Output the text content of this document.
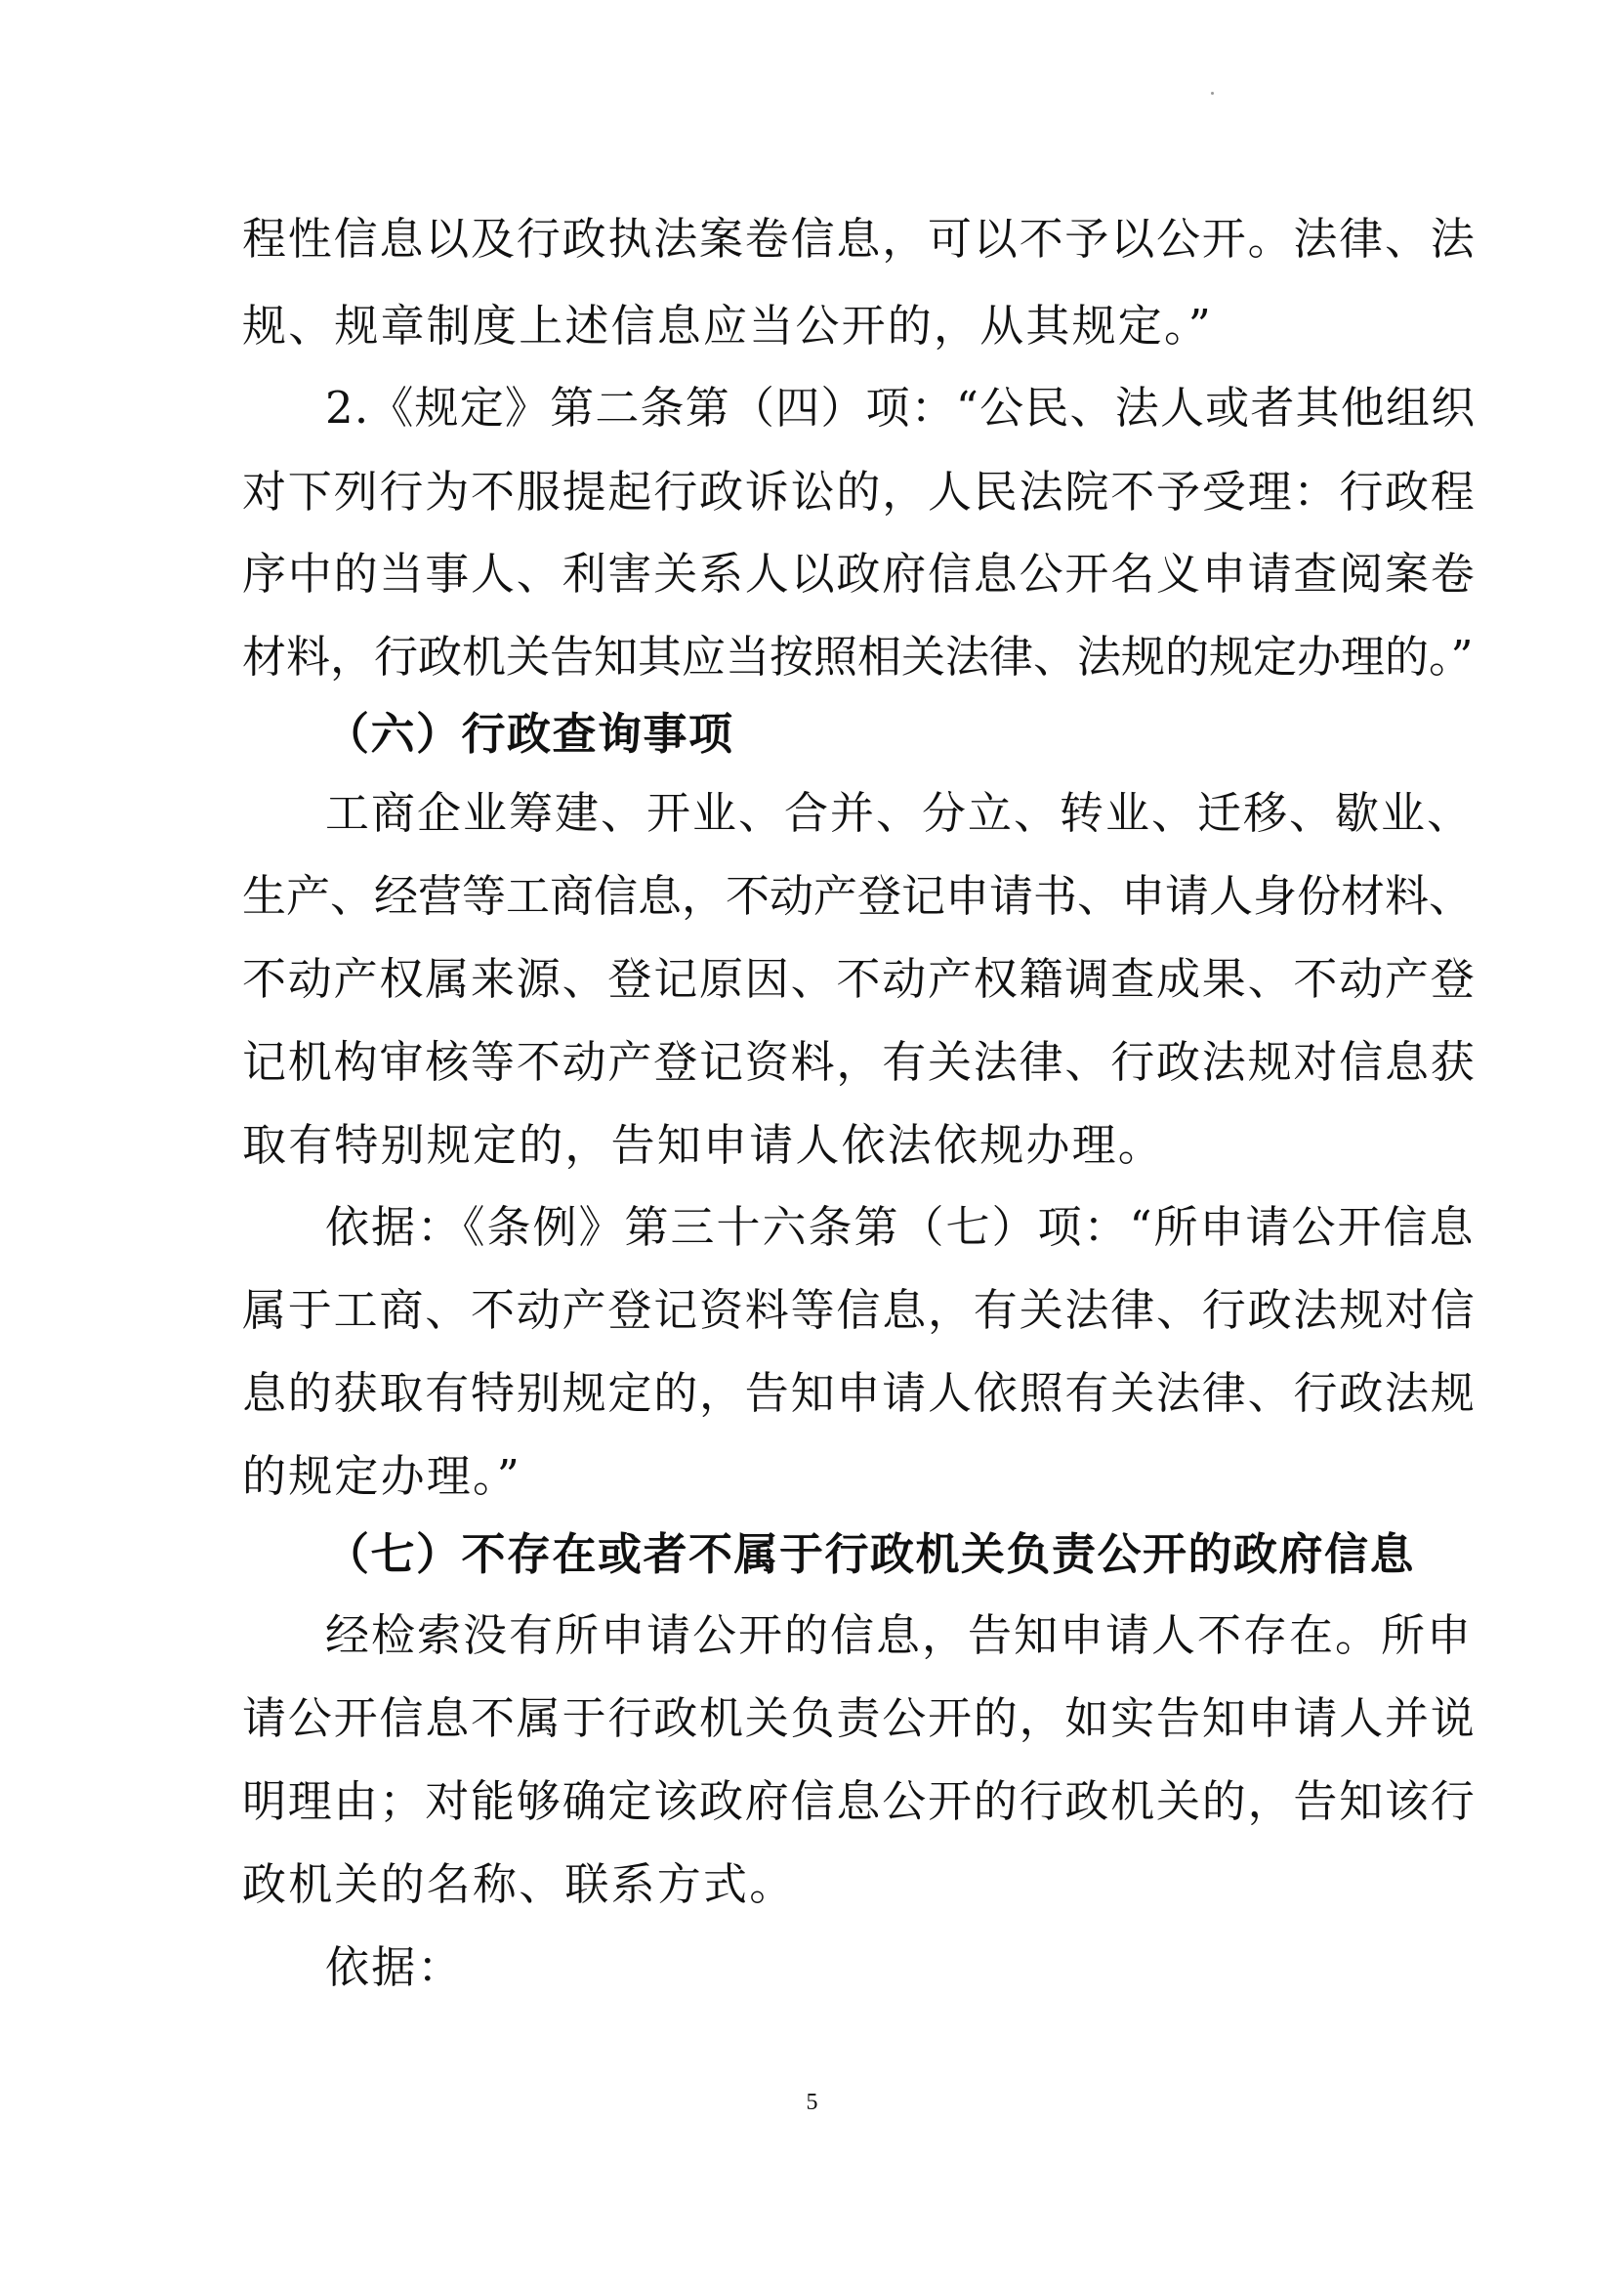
程性信息以及行政执法案卷信息，可以不予以公开。法律、法
规、规章制度上述信息应当公开的，从其规定。”
2.《规定》第二条第（四）项：“公民、法人或者其他组织
对下列行为不服提起行政诉讼的，人民法院不予受理：行政程
序中的当事人、利害关系人以政府信息公开名义申请查阅案卷
材料，行政机关告知其应当按照相关法律、法规的规定办理的。”
（六）行政查询事项
工商企业筹建、开业、合并、分立、转业、迁移、歇业、
生产、经营等工商信息，不动产登记申请书、申请人身份材料、
不动产权属来源、登记原因、不动产权籍调查成果、不动产登
记机构审核等不动产登记资料，有关法律、行政法规对信息获
取有特别规定的，告知申请人依法依规办理。
依据：《条例》第三十六条第（七）项：“所申请公开信息
属于工商、不动产登记资料等信息，有关法律、行政法规对信
息的获取有特别规定的，告知申请人依照有关法律、行政法规
的规定办理。”
（七）不存在或者不属于行政机关负责公开的政府信息
经检索没有所申请公开的信息，告知申请人不存在。所申
请公开信息不属于行政机关负责公开的，如实告知申请人并说
明理由；对能够确定该政府信息公开的行政机关的，告知该行
政机关的名称、联系方式。
依据：
5
